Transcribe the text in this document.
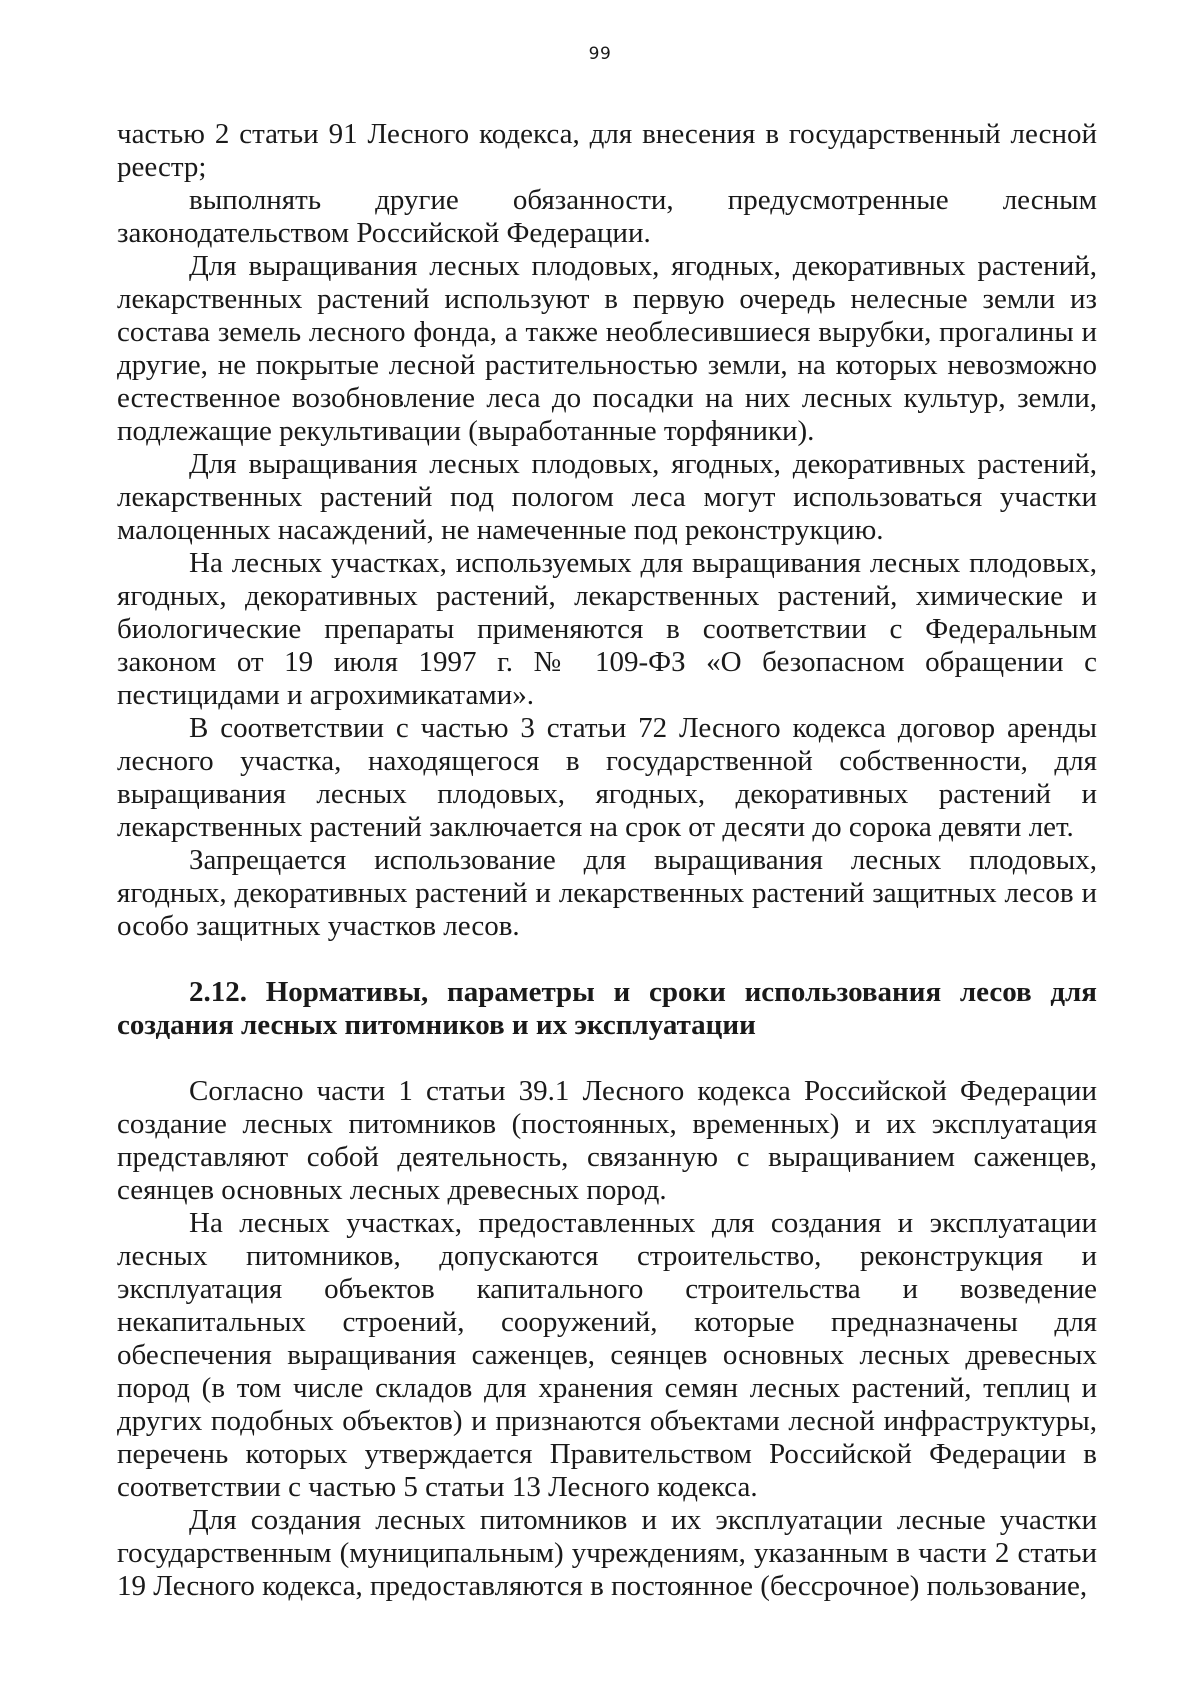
99

частью 2 статьи 91 Лесного кодекса, для внесения в государственный лесной реестр;

выполнять другие обязанности, предусмотренные лесным законодательством Российской Федерации.

Для выращивания лесных плодовых, ягодных, декоративных растений, лекарственных растений используют в первую очередь нелесные земли из состава земель лесного фонда, а также необлесившиеся вырубки, прогалины и другие, не покрытые лесной растительностью земли, на которых невозможно естественное возобновление леса до посадки на них лесных культур, земли, подлежащие рекультивации (выработанные торфяники).

Для выращивания лесных плодовых, ягодных, декоративных растений, лекарственных растений под пологом леса могут использоваться участки малоценных насаждений, не намеченные под реконструкцию.

На лесных участках, используемых для выращивания лесных плодовых, ягодных, декоративных растений, лекарственных растений, химические и биологические препараты применяются в соответствии с Федеральным законом от 19 июля 1997 г. № 109-ФЗ «О безопасном обращении с пестицидами и агрохимикатами».

В соответствии с частью 3 статьи 72 Лесного кодекса договор аренды лесного участка, находящегося в государственной собственности, для выращивания лесных плодовых, ягодных, декоративных растений и лекарственных растений заключается на срок от десяти до сорока девяти лет.

Запрещается использование для выращивания лесных плодовых, ягодных, декоративных растений и лекарственных растений защитных лесов и особо защитных участков лесов.

2.12. Нормативы, параметры и сроки использования лесов для создания лесных питомников и их эксплуатации

Согласно части 1 статьи 39.1 Лесного кодекса Российской Федерации создание лесных питомников (постоянных, временных) и их эксплуатация представляют собой деятельность, связанную с выращиванием саженцев, сеянцев основных лесных древесных пород.

На лесных участках, предоставленных для создания и эксплуатации лесных питомников, допускаются строительство, реконструкция и эксплуатация объектов капитального строительства и возведение некапитальных строений, сооружений, которые предназначены для обеспечения выращивания саженцев, сеянцев основных лесных древесных пород (в том числе складов для хранения семян лесных растений, теплиц и других подобных объектов) и признаются объектами лесной инфраструктуры, перечень которых утверждается Правительством Российской Федерации в соответствии с частью 5 статьи 13 Лесного кодекса.

Для создания лесных питомников и их эксплуатации лесные участки государственным (муниципальным) учреждениям, указанным в части 2 статьи 19 Лесного кодекса, предоставляются в постоянное (бессрочное) пользование,
